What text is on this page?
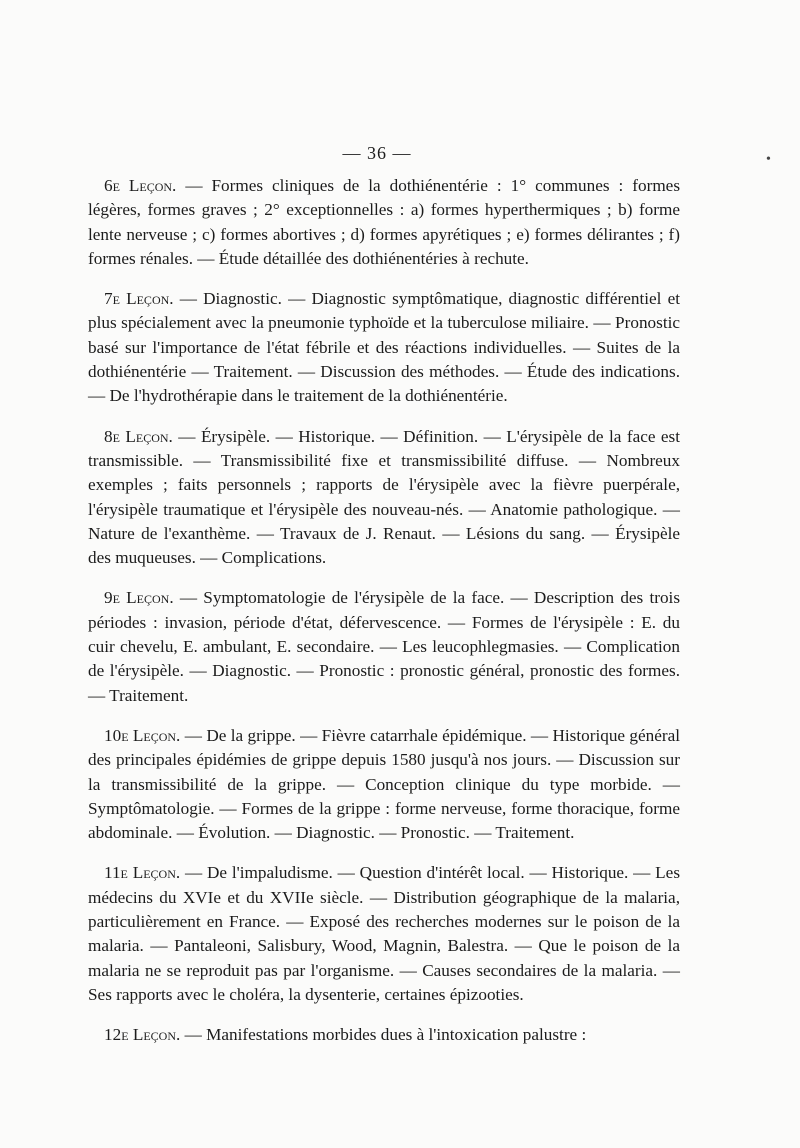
— 36 —	•

6e Leçon. — Formes cliniques de la dothiénentérie : 1° communes : formes légères, formes graves ; 2° exceptionnelles : a) formes hyperthermiques ; b) forme lente nerveuse ; c) formes abortives ; d) formes apyrétiques ; e) formes délirantes ; f) formes rénales. — Étude détaillée des dothiénentéries à rechute.

7e Leçon. — Diagnostic. — Diagnostic symptômatique, diagnostic différentiel et plus spécialement avec la pneumonie typhoïde et la tuberculose miliaire. — Pronostic basé sur l'importance de l'état fébrile et des réactions individuelles. — Suites de la dothiénentérie — Traitement. — Discussion des méthodes. — Étude des indications. — De l'hydrothérapie dans le traitement de la dothiénentérie.

8e Leçon. — Érysipèle. — Historique. — Définition. — L'érysipèle de la face est transmissible. — Transmissibilité fixe et transmissibilité diffuse. — Nombreux exemples ; faits personnels ; rapports de l'érysipèle avec la fièvre puerpérale, l'érysipèle traumatique et l'érysipèle des nouveau-nés. — Anatomie pathologique. — Nature de l'exanthème. — Travaux de J. Renaut. — Lésions du sang. — Érysipèle des muqueuses. — Complications.

9e Leçon. — Symptomatologie de l'érysipèle de la face. — Description des trois périodes : invasion, période d'état, défervescence. — Formes de l'érysipèle : E. du cuir chevelu, E. ambulant, E. secondaire. — Les leucophlegmasies. — Complication de l'érysipèle. — Diagnostic. — Pronostic : pronostic général, pronostic des formes. — Traitement.

10e Leçon. — De la grippe. — Fièvre catarrhale épidémique. — Historique général des principales épidémies de grippe depuis 1580 jusqu'à nos jours. — Discussion sur la transmissibilité de la grippe. — Conception clinique du type morbide. — Symptômatologie. — Formes de la grippe : forme nerveuse, forme thoracique, forme abdominale. — Évolution. — Diagnostic. — Pronostic. — Traitement.

11e Leçon. — De l'impaludisme. — Question d'intérêt local. — Historique. — Les médecins du XVIe et du XVIIe siècle. — Distribution géographique de la malaria, particulièrement en France. — Exposé des recherches modernes sur le poison de la malaria. — Pantaleoni, Salisbury, Wood, Magnin, Balestra. — Que le poison de la malaria ne se reproduit pas par l'organisme. — Causes secondaires de la malaria. — Ses rapports avec le choléra, la dysenterie, certaines épizooties.

12e Leçon. — Manifestations morbides dues à l'intoxication palustre :
